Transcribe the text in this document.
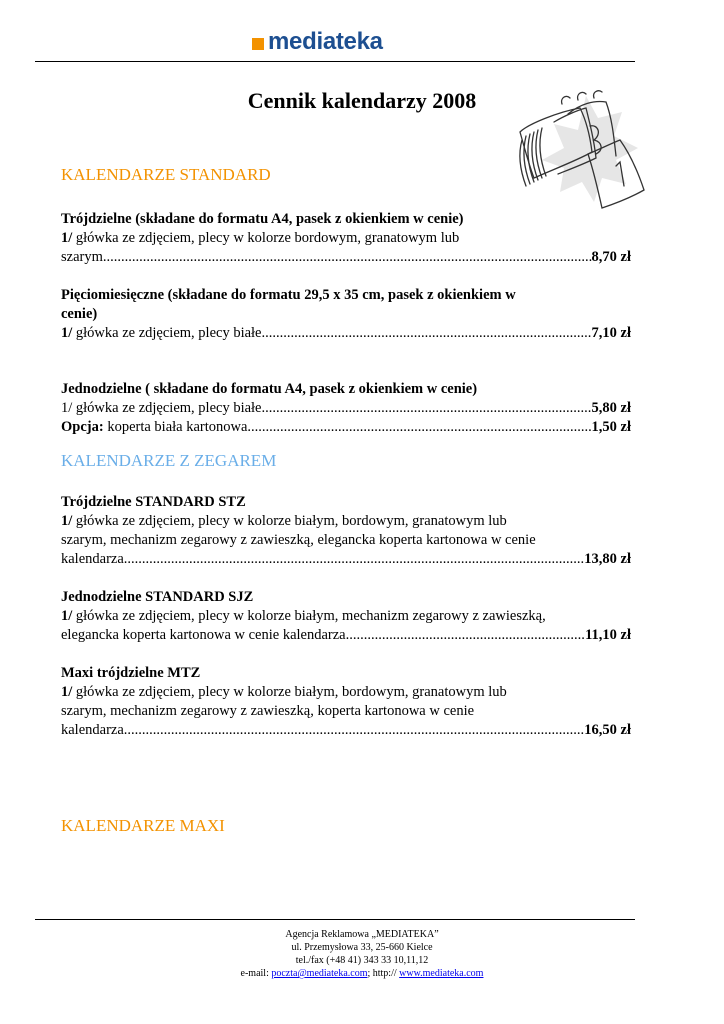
mediateka
Cennik kalendarzy 2008
KALENDARZE STANDARD
Trójdzielne (składane do formatu A4, pasek z okienkiem w cenie)
1/ główka ze zdjęciem, plecy w kolorze bordowym, granatowym lub
szarym .....	8,70 zł
Pięciomiesięczne (składane do formatu 29,5 x 35 cm, pasek z okienkiem w
cenie)
1/ główka ze zdjęciem, plecy białe. .....	7,10 zł
Jednodzielne ( składane do formatu A4, pasek z okienkiem w cenie)
1/ główka ze zdjęciem, plecy białe .....	5,80 zł
Opcja: koperta biała kartonowa .....	1,50 zł
KALENDARZE Z ZEGAREM
Trójdzielne STANDARD STZ
1/ główka ze zdjęciem, plecy w kolorze białym, bordowym, granatowym lub
szarym, mechanizm zegarowy z zawieszką, elegancka koperta kartonowa w cenie
kalendarza .....	13,80 zł
Jednodzielne STANDARD SJZ
1/ główka ze zdjęciem, plecy w kolorze białym, mechanizm zegarowy z zawieszką,
elegancka koperta kartonowa w cenie kalendarza. .....	11,10 zł
Maxi trójdzielne MTZ
1/ główka ze zdjęciem, plecy w kolorze białym, bordowym, granatowym lub
szarym, mechanizm zegarowy z zawieszką, koperta kartonowa w cenie
kalendarza .....	16,50 zł
KALENDARZE MAXI
Agencja Reklamowa „MEDIATEKA”
ul. Przemysłowa 33, 25-660 Kielce
tel./fax (+48 41) 343 33 10,11,12
e-mail: poczta@mediateka.com; http:// www.mediateka.com
